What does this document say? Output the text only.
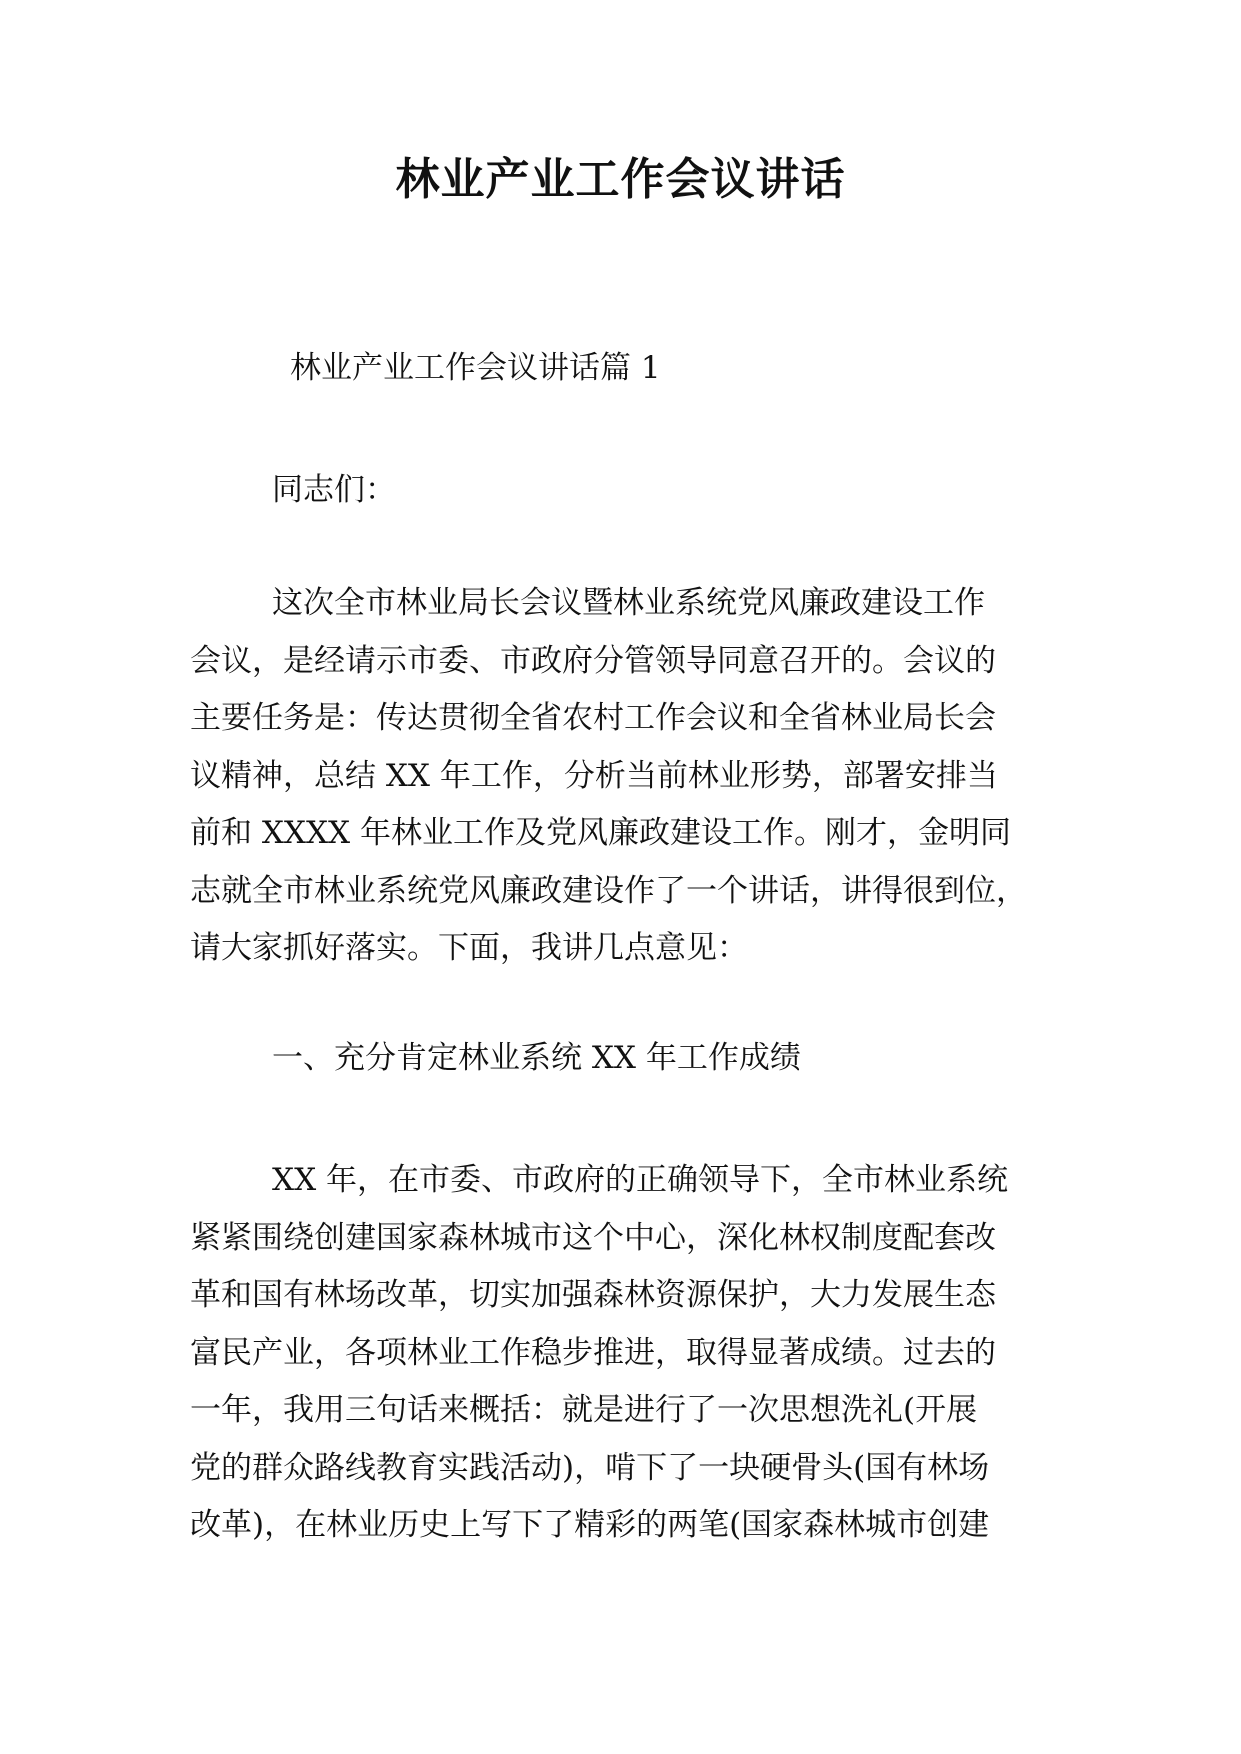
林业产业工作会议讲话
林业产业工作会议讲话篇 1
同志们：
这次全市林业局长会议暨林业系统党风廉政建设工作
会议，是经请示市委、市政府分管领导同意召开的。会议的
主要任务是：传达贯彻全省农村工作会议和全省林业局长会
议精神，总结 XX 年工作，分析当前林业形势，部署安排当
前和 XXXX 年林业工作及党风廉政建设工作。刚才，金明同
志就全市林业系统党风廉政建设作了一个讲话，讲得很到位，
请大家抓好落实。下面，我讲几点意见：
一、充分肯定林业系统 XX 年工作成绩
XX 年，在市委、市政府的正确领导下，全市林业系统
紧紧围绕创建国家森林城市这个中心，深化林权制度配套改
革和国有林场改革，切实加强森林资源保护，大力发展生态
富民产业，各项林业工作稳步推进，取得显著成绩。过去的
一年，我用三句话来概括：就是进行了一次思想洗礼(开展
党的群众路线教育实践活动)，啃下了一块硬骨头(国有林场
改革)，在林业历史上写下了精彩的两笔(国家森林城市创建
